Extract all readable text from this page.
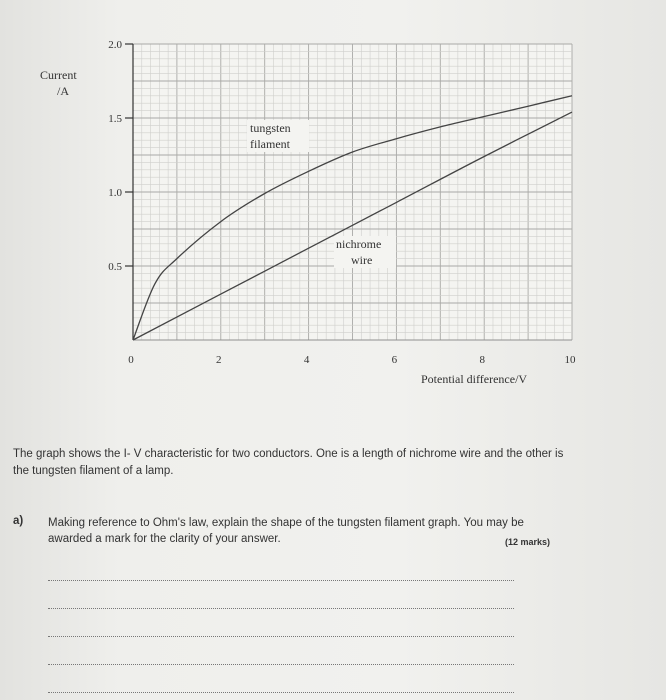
0.5
1.0
1.5
2.0
0	2	4	6	8	10
Current
/A
Potential difference/V
tungsten
filament
nichrome
wire
The graph shows the I- V characteristic for two conductors. One is a length of nichrome wire and the other is the tungsten filament of a lamp.
a) Making reference to Ohm's law, explain the shape of the tungsten filament graph. You may be awarded a mark for the clarity of your answer.	(12 marks)
